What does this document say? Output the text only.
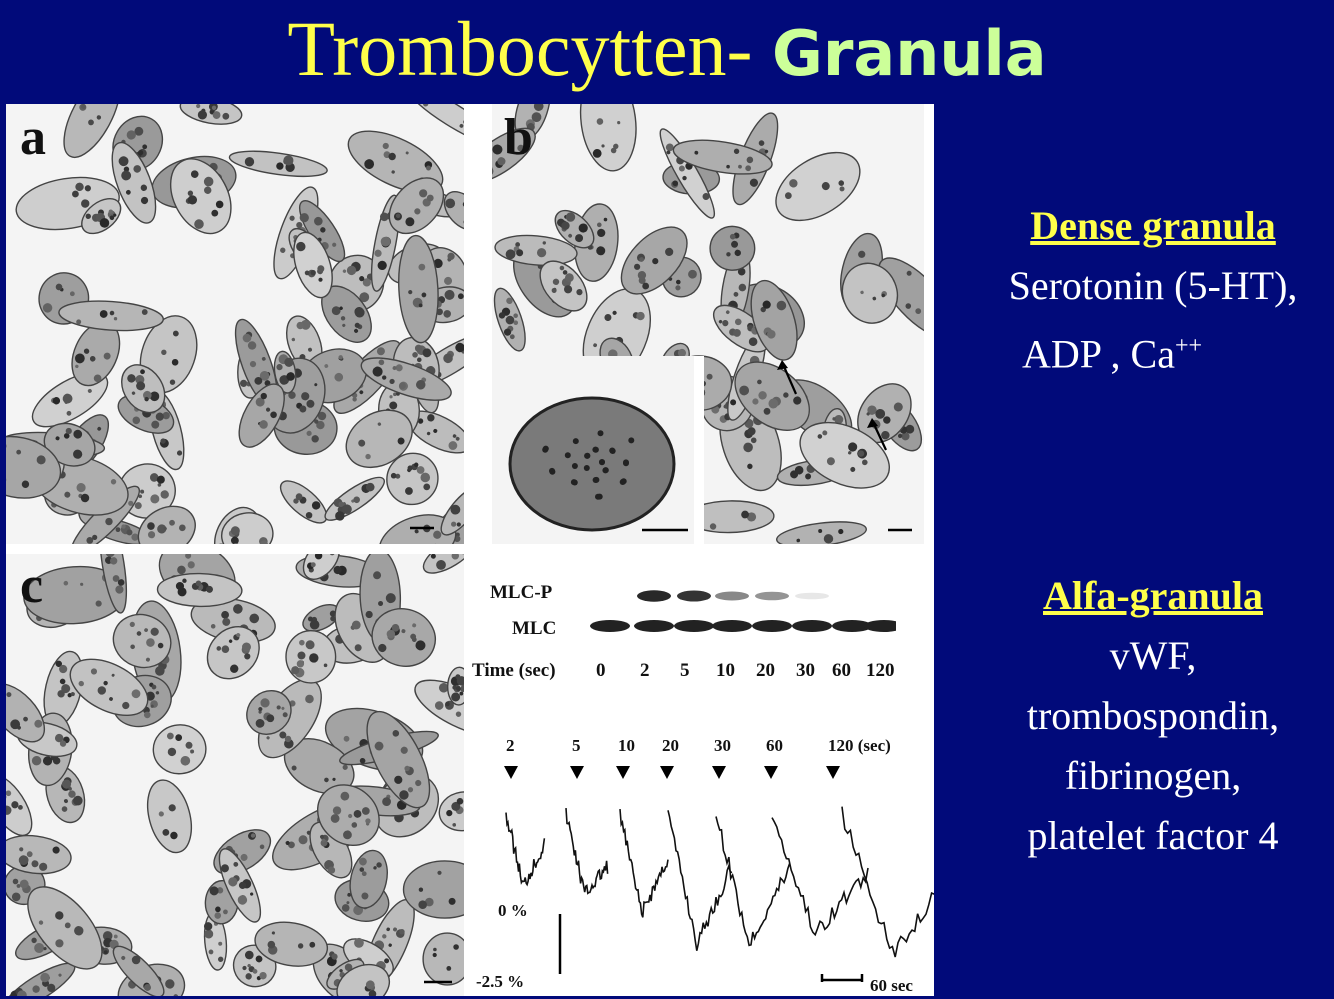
Trombocytten- Granula
a	b
c	MLC-P
MLC
Time (sec) 0 2 5 10 20 30 60 120
2	5 10 20 30 60	120 (sec)
0 %
-2.5 %	60 sec
Dense granula
Serotonin (5-HT),
ADP , Ca++
Alfa-granula
vWF,
trombospondin,
fibrinogen,
platelet factor 4
